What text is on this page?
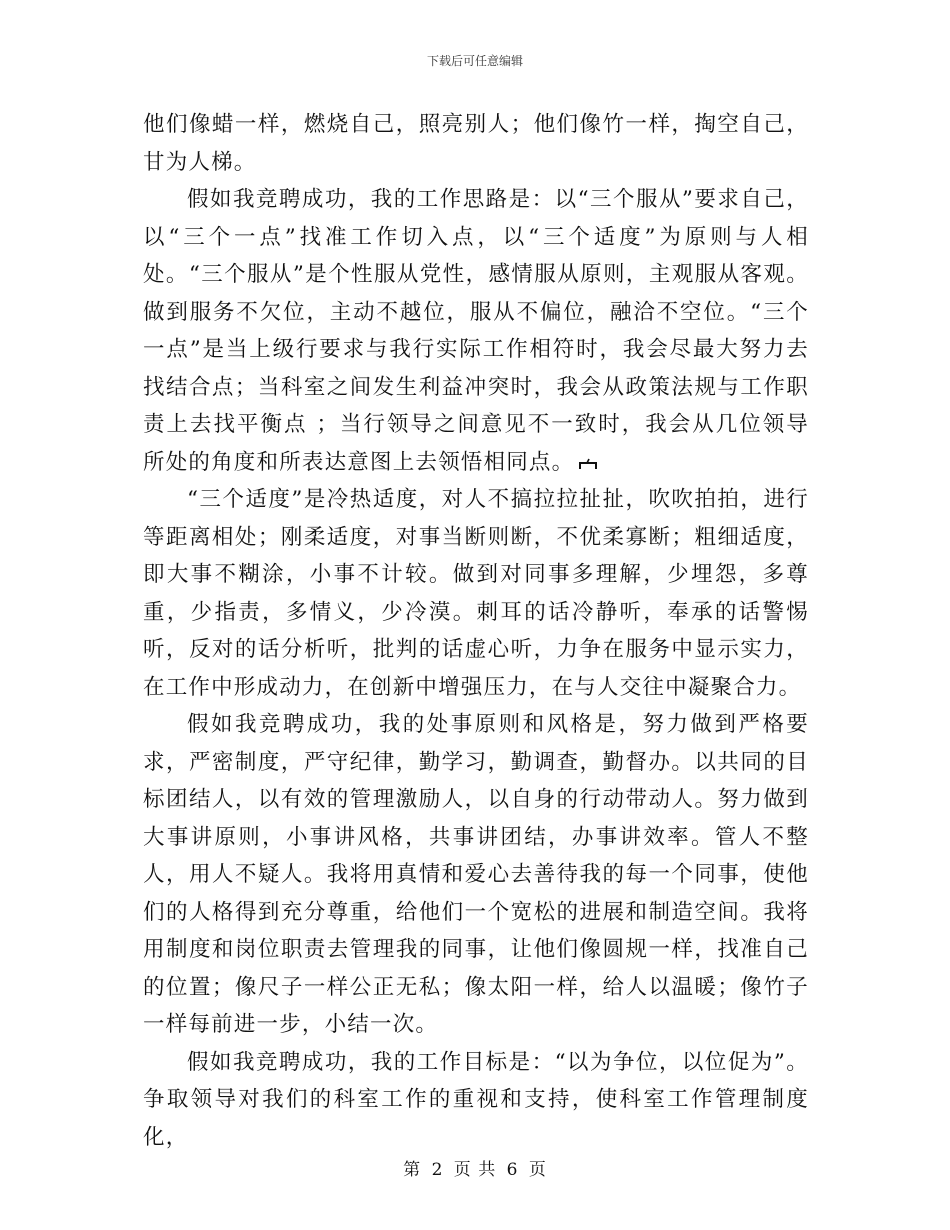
下载后可任意编辑

他们像蜡一样，燃烧自己，照亮别人；他们像竹一样，掏空自己，甘为人梯。

假如我竞聘成功，我的工作思路是：以“三个服从”要求自己，以“三个一点”找准工作切入点，以“三个适度”为原则与人相处。“三个服从”是个性服从党性，感情服从原则，主观服从客观。做到服务不欠位，主动不越位，服从不偏位，融洽不空位。“三个一点”是当上级行要求与我行实际工作相符时，我会尽最大努力去找结合点；当科室之间发生利益冲突时，我会从政策法规与工作职责上去找平衡点 ；当行领导之间意见不一致时，我会从几位领导所处的角度和所表达意图上去领悟相同点。

“三个适度”是冷热适度，对人不搞拉拉扯扯，吹吹拍拍，进行等距离相处；刚柔适度，对事当断则断，不优柔寡断；粗细适度，即大事不糊涂，小事不计较。做到对同事多理解，少埋怨，多尊重，少指责，多情义，少冷漠。刺耳的话冷静听，奉承的话警惕听，反对的话分析听，批判的话虚心听，力争在服务中显示实力，在工作中形成动力，在创新中增强压力，在与人交往中凝聚合力。

假如我竞聘成功，我的处事原则和风格是，努力做到严格要求，严密制度，严守纪律，勤学习，勤调查，勤督办。以共同的目标团结人，以有效的管理激励人，以自身的行动带动人。努力做到大事讲原则，小事讲风格，共事讲团结，办事讲效率。管人不整人，用人不疑人。我将用真情和爱心去善待我的每一个同事，使他们的人格得到充分尊重，给他们一个宽松的进展和制造空间。我将用制度和岗位职责去管理我的同事，让他们像圆规一样，找准自己的位置；像尺子一样公正无私；像太阳一样，给人以温暖；像竹子一样每前进一步，小结一次。

假如我竞聘成功，我的工作目标是：“以为争位，以位促为”。争取领导对我们的科室工作的重视和支持，使科室工作管理制度化，

第 2 页 共 6 页
